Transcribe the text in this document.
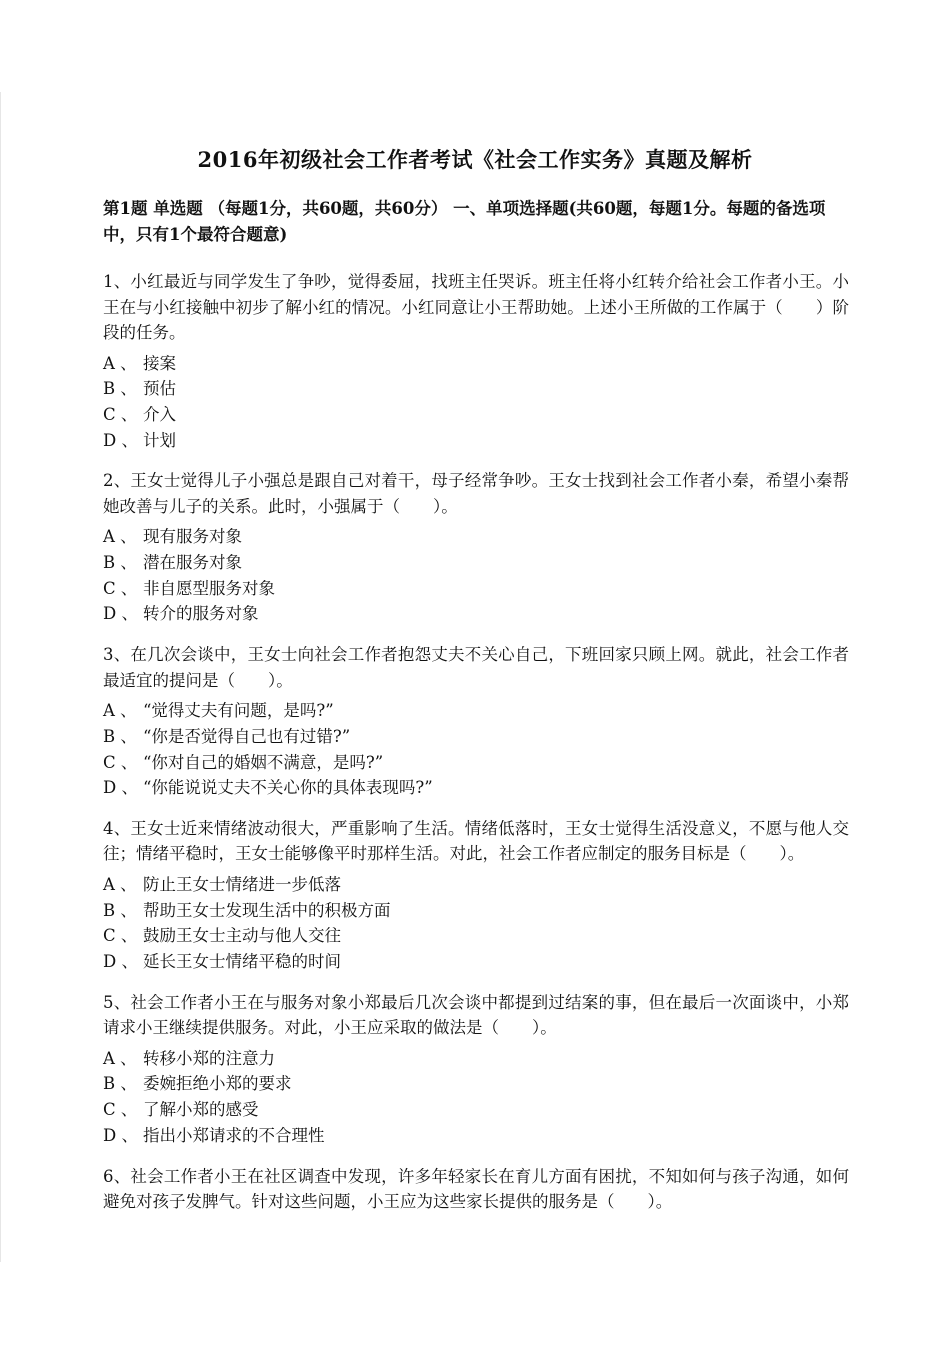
2016年初级社会工作者考试《社会工作实务》真题及解析
第1题 单选题 （每题1分，共60题，共60分） 一、单项选择题(共60题，每题1分。每题的备选项中，只有1个最符合题意)
1、小红最近与同学发生了争吵，觉得委屈，找班主任哭诉。班主任将小红转介给社会工作者小王。小王在与小红接触中初步了解小红的情况。小红同意让小王帮助她。上述小王所做的工作属于（　　）阶段的任务。
A 、 接案
B 、 预估
C 、 介入
D 、 计划
2、王女士觉得儿子小强总是跟自己对着干，母子经常争吵。王女士找到社会工作者小秦，希望小秦帮她改善与儿子的关系。此时，小强属于（　　）。
A 、 现有服务对象
B 、 潜在服务对象
C 、 非自愿型服务对象
D 、 转介的服务对象
3、在几次会谈中，王女士向社会工作者抱怨丈夫不关心自己，下班回家只顾上网。就此，社会工作者最适宜的提问是（　　）。
A 、 “觉得丈夫有问题，是吗?”
B 、 “你是否觉得自己也有过错?”
C 、 “你对自己的婚姻不满意，是吗?”
D 、 “你能说说丈夫不关心你的具体表现吗?”
4、王女士近来情绪波动很大，严重影响了生活。情绪低落时，王女士觉得生活没意义，不愿与他人交往；情绪平稳时，王女士能够像平时那样生活。对此，社会工作者应制定的服务目标是（　　）。
A 、 防止王女士情绪进一步低落
B 、 帮助王女士发现生活中的积极方面
C 、 鼓励王女士主动与他人交往
D 、 延长王女士情绪平稳的时间
5、社会工作者小王在与服务对象小郑最后几次会谈中都提到过结案的事，但在最后一次面谈中，小郑请求小王继续提供服务。对此，小王应采取的做法是（　　）。
A 、 转移小郑的注意力
B 、 委婉拒绝小郑的要求
C 、 了解小郑的感受
D 、 指出小郑请求的不合理性
6、社会工作者小王在社区调查中发现，许多年轻家长在育儿方面有困扰，不知如何与孩子沟通，如何避免对孩子发脾气。针对这些问题，小王应为这些家长提供的服务是（　　）。
